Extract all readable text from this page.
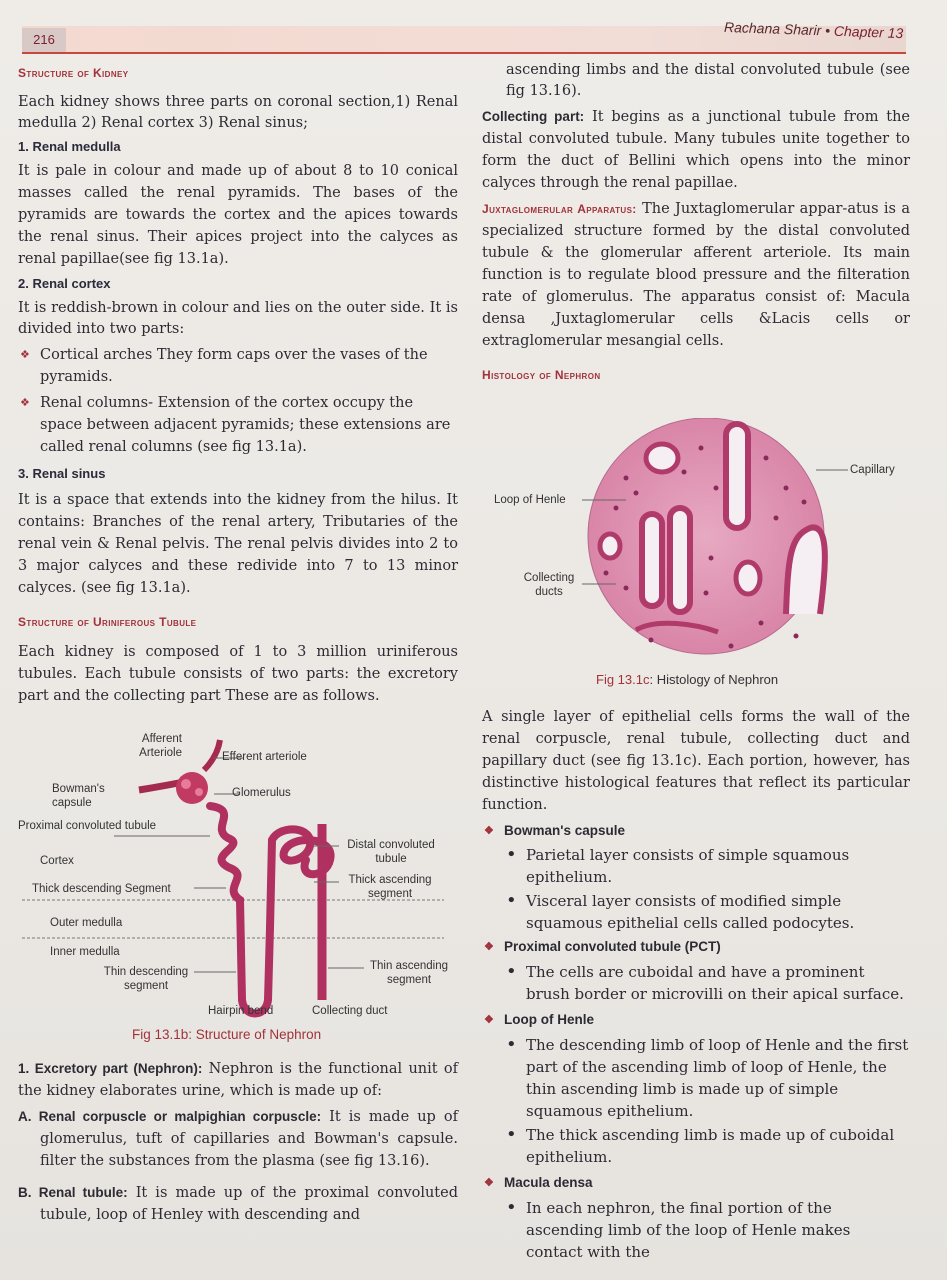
216
Rachana Sharir • Chapter 13
Structure of Kidney

Each kidney shows three parts on coronal section,1) Renal medulla 2) Renal cortex 3) Renal sinus;

1. Renal medulla

It is pale in colour and made up of about 8 to 10 conical masses called the renal pyramids. The bases of the pyramids are towards the cortex and the apices towards the renal sinus. Their apices project into the calyces as renal papillae(see fig 13.1a).

2. Renal cortex

It is reddish-brown in colour and lies on the outer side. It is divided into two parts:

❖ Cortical arches They form caps over the vases of the pyramids.
❖ Renal columns- Extension of the cortex occupy the space between adjacent pyramids; these extensions are called renal columns (see fig 13.1a).
3. Renal sinus

It is a space that extends into the kidney from the hilus. It contains: Branches of the renal artery, Tributaries of the renal vein & Renal pelvis. The renal pelvis divides into 2 to 3 major calyces and these redivide into 7 to 13 minor calyces. (see fig 13.1a).

Structure of Uriniferous Tubule

Each kidney is composed of 1 to 3 million uriniferous tubules. Each tubule consists of two parts: the excretory part and the collecting part These are as follows.

Afferent Arteriole	Efferent arteriole
Bowman's capsule
Glomerulus
Proximal convoluted tubule
Distal convoluted tubule
Cortex
Thick ascending segment
Thick descending Segment
Outer medulla
Inner medulla
Thin descending segment
Thin ascending segment
Hairpin bend	Collecting duct
Fig 13.1b: Structure of Nephron

1. Excretory part (Nephron): Nephron is the functional unit of the kidney elaborates urine, which is made up of:

A. Renal corpuscle or malpighian corpuscle: It is made up of glomerulus, tuft of capillaries and Bowman's capsule. filter the substances from the plasma (see fig 13.16).

B. Renal tubule: It is made up of the proximal convoluted tubule, loop of Henley with descending and

ascending limbs and the distal convoluted tubule (see fig 13.16).

Collecting part: It begins as a junctional tubule from the distal convoluted tubule. Many tubules unite together to form the duct of Bellini which opens into the minor calyces through the renal papillae.

Juxtaglomerular Apparatus: The Juxtaglomerular appar-atus is a specialized structure formed by the distal convoluted tubule & the glomerular afferent arteriole. Its main function is to regulate blood pressure and the filteration rate of glomerulus. The apparatus consist of: Macula densa ,Juxtaglomerular cells &Lacis cells or extraglomerular mesangial cells.

Histology of Nephron
Loop of Henle
Collecting ducts
Capillary
Fig 13.1c: Histology of Nephron

A single layer of epithelial cells forms the wall of the renal corpuscle, renal tubule, collecting duct and papillary duct (see fig 13.1c). Each portion, however, has distinctive histological features that reflect its particular function.

❖ Bowman's capsule
• Parietal layer consists of simple squamous epithelium.
• Visceral layer consists of modified simple squamous epithelial cells called podocytes.
❖ Proximal convoluted tubule (PCT)
• The cells are cuboidal and have a prominent brush border or microvilli on their apical surface.
❖ Loop of Henle
• The descending limb of loop of Henle and the first part of the ascending limb of loop of Henle, the thin ascending limb is made up of simple squamous epithelium.
• The thick ascending limb is made up of cuboidal epithelium.
❖ Macula densa
• In each nephron, the final portion of the ascending limb of the loop of Henle makes contact with the
